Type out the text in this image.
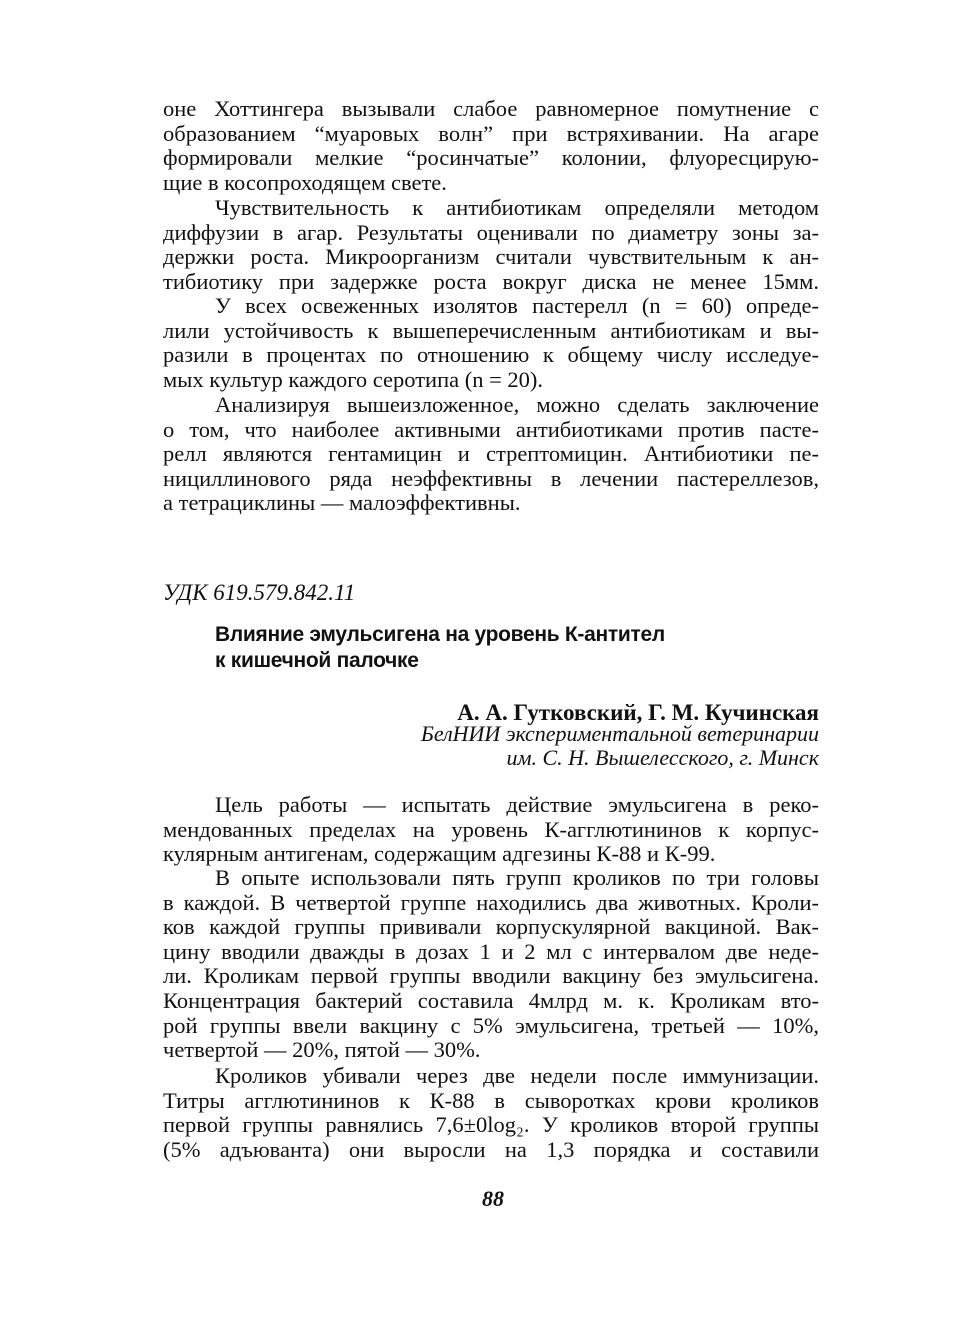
оне Хоттингера вызывали слабое равномерное помутнение с
образованием “муаровых волн” при встряхивании. На агаре
формировали мелкие “росинчатые” колонии, флуоресцирую-
щие в косопроходящем свете.
Чувствительность к антибиотикам определяли методом
диффузии в агар. Результаты оценивали по диаметру зоны за-
держки роста. Микроорганизм считали чувствительным к ан-
тибиотику при задержке роста вокруг диска не менее 15мм.
У всех освеженных изолятов пастерелл (n = 60) опреде-
лили устойчивость к вышеперечисленным антибиотикам и вы-
разили в процентах по отношению к общему числу исследуе-
мых культур каждого серотипа (n = 20).
Анализируя вышеизложенное, можно сделать заключение
о том, что наиболее активными антибиотиками против пасте-
релл являются гентамицин и стрептомицин. Антибиотики пе-
нициллинового ряда неэффективны в лечении пастереллезов,
а тетрациклины — малоэффективны.
УДК 619.579.842.11
Влияние эмульсигена на уровень К-антител
к кишечной палочке
А. А. Гутковский, Г. М. Кучинская
БелНИИ экспериментальной ветеринарии
им. С. Н. Вышелесского, г. Минск
Цель работы — испытать действие эмульсигена в реко-
мендованных пределах на уровень К-агглютининов к корпус-
кулярным антигенам, содержащим адгезины К-88 и К-99.
В опыте использовали пять групп кроликов по три головы
в каждой. В четвертой группе находились два животных. Кроли-
ков каждой группы прививали корпускулярной вакциной. Вак-
цину вводили дважды в дозах 1 и 2 мл с интервалом две неде-
ли. Кроликам первой группы вводили вакцину без эмульсигена.
Концентрация бактерий составила 4млрд м. к. Кроликам вто-
рой группы ввели вакцину с 5% эмульсигена, третьей — 10%,
четвертой — 20%, пятой — 30%.
Кроликов убивали через две недели после иммунизации.
Титры агглютининов к К-88 в сыворотках крови кроликов
первой группы равнялись 7,6±0log₂. У кроликов второй группы
(5% адъюванта) они выросли на 1,3 порядка и составили
88
